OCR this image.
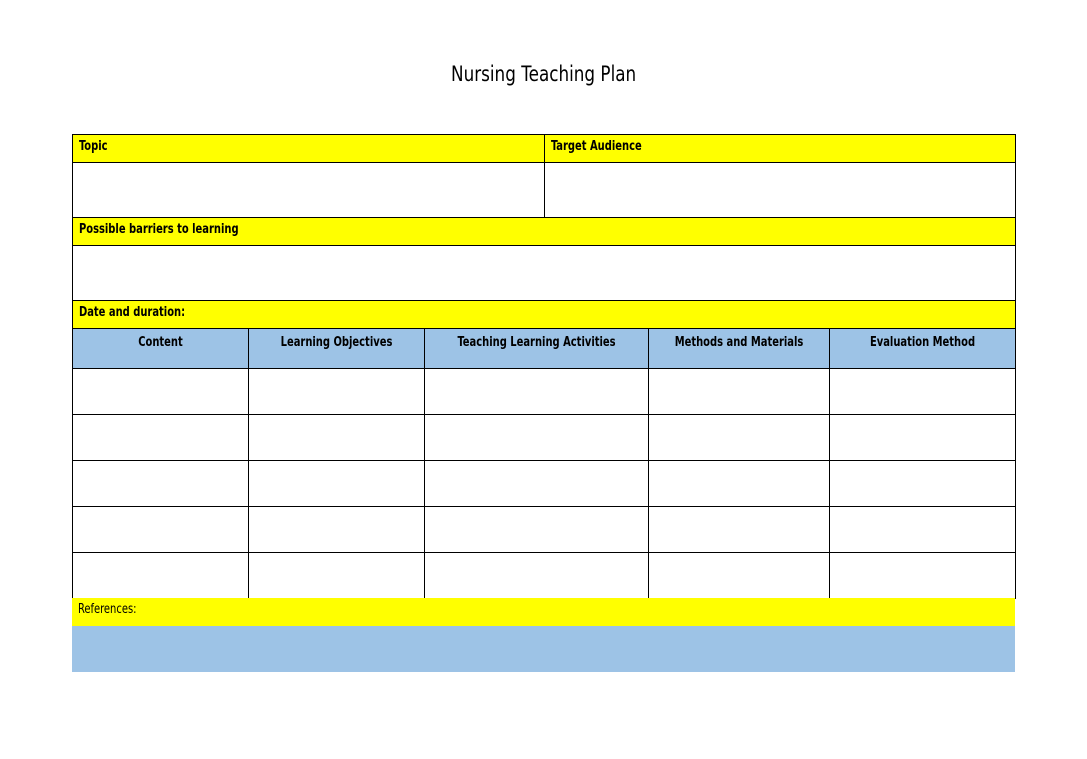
Nursing Teaching Plan
Topic			Target Audience		

Possible barriers to learning					

Date and duration:					

Content	Learning Objectives	Teaching Learning Activities		Methods and Materials	Evaluation Method

References:
